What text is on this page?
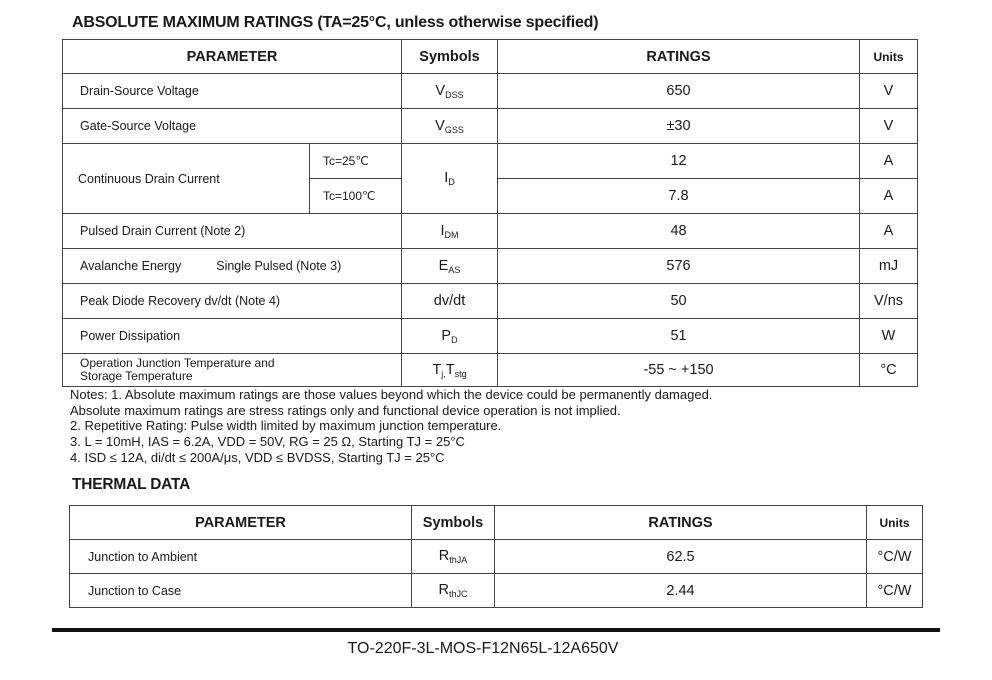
ABSOLUTE MAXIMUM RATINGS (TA=25°C, unless otherwise specified)
PARAMETER		Symbols	RATINGS	Units
Drain-Source Voltage		$V_{DSS}$	650	V
Gate-Source Voltage		$V_{GSS}$	±30	V
Continuous Drain Current	Tc=25℃	$I_D$	12	A
	Tc=100℃		7.8	A
Pulsed Drain Current (Note 2)		$I_{DM}$	48	A
Avalanche Energy Single Pulsed (Note 3)		$E_{AS}$	576	mJ
Peak Diode Recovery dv/dt (Note 4)		dv/dt	50	V/ns
Power Dissipation		$P_D$	51	W

Operation Junction Temperature and
Storage Temperature		$T_{j,}T_{stg}$	-55 ~ +150	°C
Notes: 1. Absolute maximum ratings are those values beyond which the device could be permanently damaged.
Absolute maximum ratings are stress ratings only and functional device operation is not implied.
2. Repetitive Rating: Pulse width limited by maximum junction temperature.
3. L = 10mH, IAS = 6.2A, VDD = 50V, RG = 25 Ω, Starting TJ = 25°C
4. ISD ≤ 12A, di/dt ≤ 200A/μs, VDD ≤ BVDSS, Starting TJ = 25°C
THERMAL DATA
PARAMETER	Symbols	RATINGS	Units
Junction to Ambient	$R_{thJA}$	62.5	°C/W
Junction to Case	$R_{thJC}$	2.44	°C/W
TO-220F-3L-MOS-F12N65L-12A650V
